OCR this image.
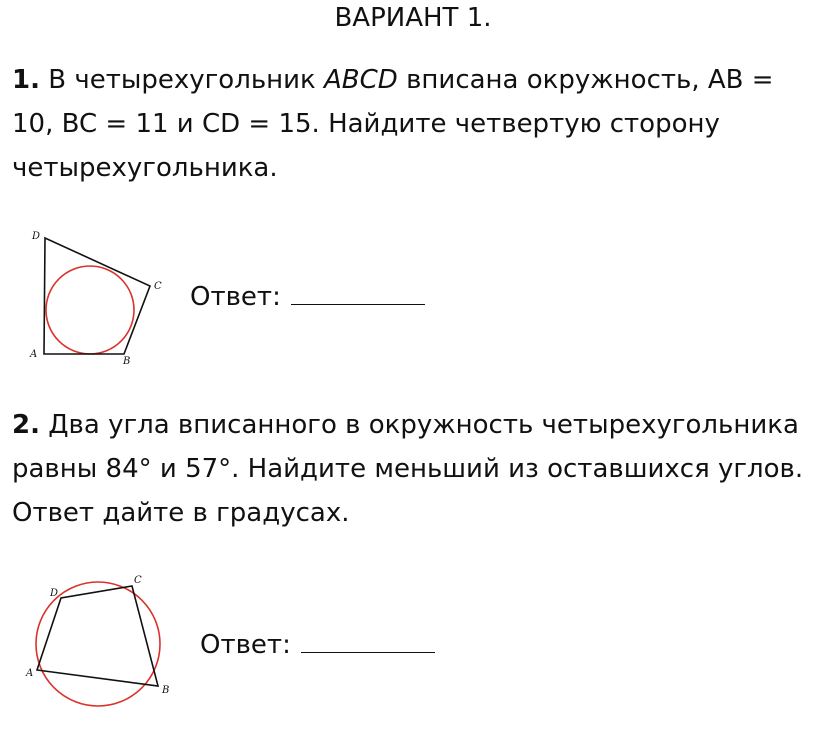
ВАРИАНТ 1.

1. В четырехугольник ABCD вписана окружность, AB = 10, BC = 11 и CD = 15. Найдите четвертую сторону четырехугольника.

D
C
A
B
Ответ:

2. Два угла вписанного в окружность четырехугольника равны 84° и 57°. Найдите меньший из оставшихся углов. Ответ дайте в градусах.

D
C
A
B
Ответ:
